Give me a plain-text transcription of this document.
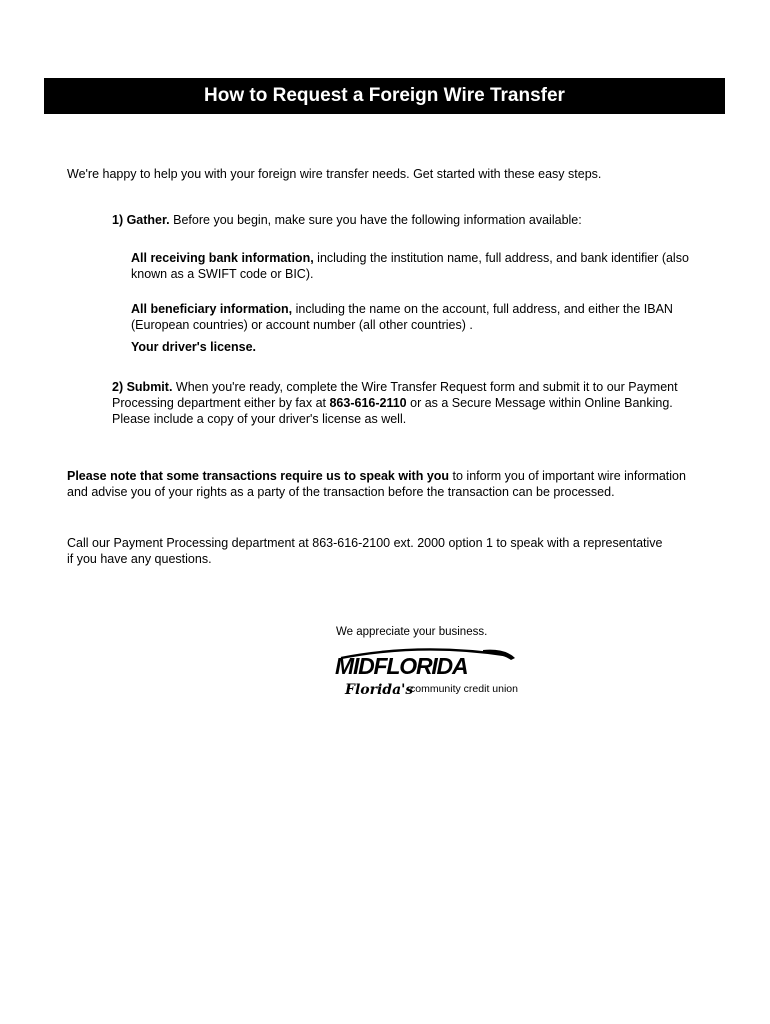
How to Request a Foreign Wire Transfer

We're happy to help you with your foreign wire transfer needs. Get started with these easy steps.

1) Gather. Before you begin, make sure you have the following information available:

All receiving bank information, including the institution name, full address, and bank identifier (also known as a SWIFT code or BIC).

All beneficiary information, including the name on the account, full address, and either the IBAN (European countries) or account number (all other countries) .

Your driver's license.

2) Submit. When you're ready, complete the Wire Transfer Request form and submit it to our Payment Processing department either by fax at 863-616-2110 or as a Secure Message within Online Banking. Please include a copy of your driver's license as well.

Please note that some transactions require us to speak with you to inform you of important wire information and advise you of your rights as a party of the transaction before the transaction can be processed.

Call our Payment Processing department at 863-616-2100 ext. 2000 option 1 to speak with a representative if you have any questions.

We appreciate your business.

MIDFLORIDA
Florida's
community credit union
